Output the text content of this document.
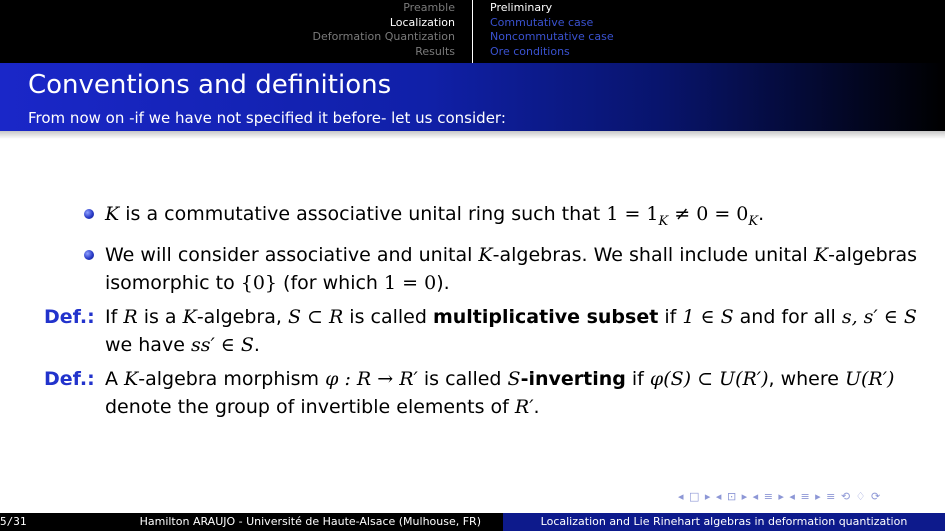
Preamble
Localization
Deformation Quantization
Results
Preliminary
Commutative case
Noncommutative case
Ore conditions
Conventions and definitions
From now on -if we have not specified it before- let us consider:
K is a commutative associative unital ring such that $1 = 1_K \ne 0 = 0_K$.
We will consider associative and unital K-algebras. We shall include unital K-algebras isomorphic to {0} (for which 1 = 0).
Def.: If R is a K-algebra, S ⊂ R is called multiplicative subset if 1 ∈ S and for all s, s′ ∈ S we have ss′ ∈ S.
Def.: A K-algebra morphism φ : R → R′ is called S-inverting if φ(S) ⊂ U(R′), where U(R′) denote the group of invertible elements of R′.
◂ □ ▸ ◂ ⊡ ▸ ◂ ≡ ▸ ◂ ≡ ▸ ≡ ⟲ ♢ ⟳
5/31	Hamilton ARAUJO - Université de Haute-Alsace (Mulhouse, FR)	Localization and Lie Rinehart algebras in deformation quantization
